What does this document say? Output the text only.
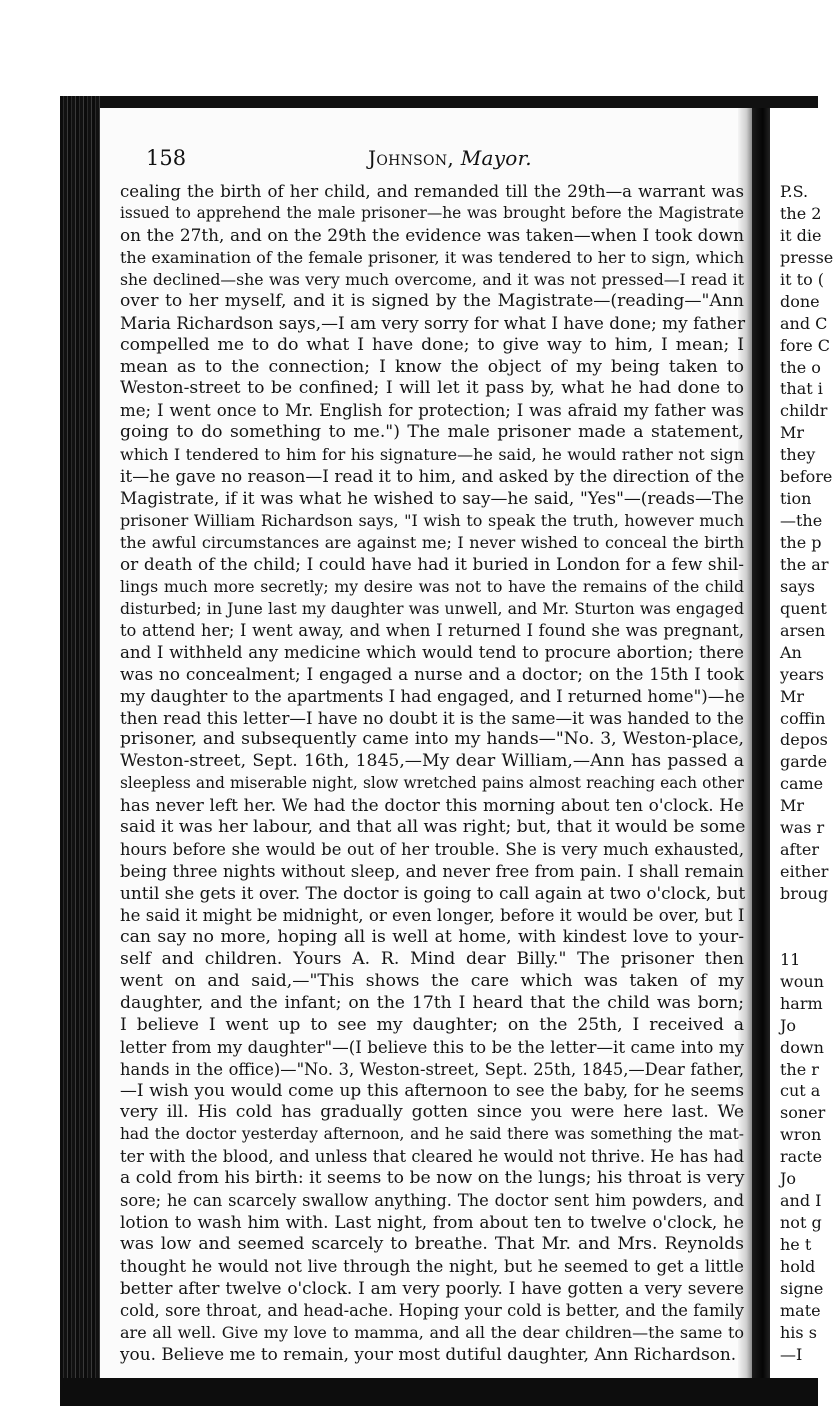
158	Johnson, Mayor.
cealing the birth of her child, and remanded till the 29th—a warrant was
issued to apprehend the male prisoner—he was brought before the Magistrate
on the 27th, and on the 29th the evidence was taken—when I took down
the examination of the female prisoner, it was tendered to her to sign, which
she declined—she was very much overcome, and it was not pressed—I read it
over to her myself, and it is signed by the Magistrate—(reading—"Ann
Maria Richardson says,—I am very sorry for what I have done; my father
compelled me to do what I have done; to give way to him, I mean; I
mean as to the connection; I know the object of my being taken to
Weston-street to be confined; I will let it pass by, what he had done to
me; I went once to Mr. English for protection; I was afraid my father was
going to do something to me.") The male prisoner made a statement,
which I tendered to him for his signature—he said, he would rather not sign
it—he gave no reason—I read it to him, and asked by the direction of the
Magistrate, if it was what he wished to say—he said, "Yes"—(reads—The
prisoner William Richardson says, "I wish to speak the truth, however much
the awful circumstances are against me; I never wished to conceal the birth
or death of the child; I could have had it buried in London for a few shil-
lings much more secretly; my desire was not to have the remains of the child
disturbed; in June last my daughter was unwell, and Mr. Sturton was engaged
to attend her; I went away, and when I returned I found she was pregnant,
and I withheld any medicine which would tend to procure abortion; there
was no concealment; I engaged a nurse and a doctor; on the 15th I took
my daughter to the apartments I had engaged, and I returned home")—he
then read this letter—I have no doubt it is the same—it was handed to the
prisoner, and subsequently came into my hands—"No. 3, Weston-place,
Weston-street, Sept. 16th, 1845,—My dear William,—Ann has passed a
sleepless and miserable night, slow wretched pains almost reaching each other
has never left her. We had the doctor this morning about ten o'clock. He
said it was her labour, and that all was right; but, that it would be some
hours before she would be out of her trouble. She is very much exhausted,
being three nights without sleep, and never free from pain. I shall remain
until she gets it over. The doctor is going to call again at two o'clock, but
he said it might be midnight, or even longer, before it would be over, but I
can say no more, hoping all is well at home, with kindest love to your-
self and children. Yours A. R. Mind dear Billy." The prisoner then
went on and said,—"This shows the care which was taken of my
daughter, and the infant; on the 17th I heard that the child was born;
I believe I went up to see my daughter; on the 25th, I received a
letter from my daughter"—(I believe this to be the letter—it came into my
hands in the office)—"No. 3, Weston-street, Sept. 25th, 1845,—Dear father,
—I wish you would come up this afternoon to see the baby, for he seems
very ill. His cold has gradually gotten since you were here last. We
had the doctor yesterday afternoon, and he said there was something the mat-
ter with the blood, and unless that cleared he would not thrive. He has had
a cold from his birth: it seems to be now on the lungs; his throat is very
sore; he can scarcely swallow anything. The doctor sent him powders, and
lotion to wash him with. Last night, from about ten to twelve o'clock, he
was low and seemed scarcely to breathe. That Mr. and Mrs. Reynolds
thought he would not live through the night, but he seemed to get a little
better after twelve o'clock. I am very poorly. I have gotten a very severe
cold, sore throat, and head-ache. Hoping your cold is better, and the family
are all well. Give my love to mamma, and all the dear children—the same to
you. Believe me to remain, your most dutiful daughter, Ann Richardson.
P.S.
the 2
it die
presse
it to (
done
and C
fore C
the o
that i
childr
Mr
they
before
tion
—the
the p
the ar
says
quent
arsen
An
years
Mr
coffin
depos
garde
came
Mr
was r
after
either
broug
11
woun
harm
Jo
down
the r
cut a
soner
wron
racte
Jo
and I
not g
he t
hold
signe
mate
his s
—I
